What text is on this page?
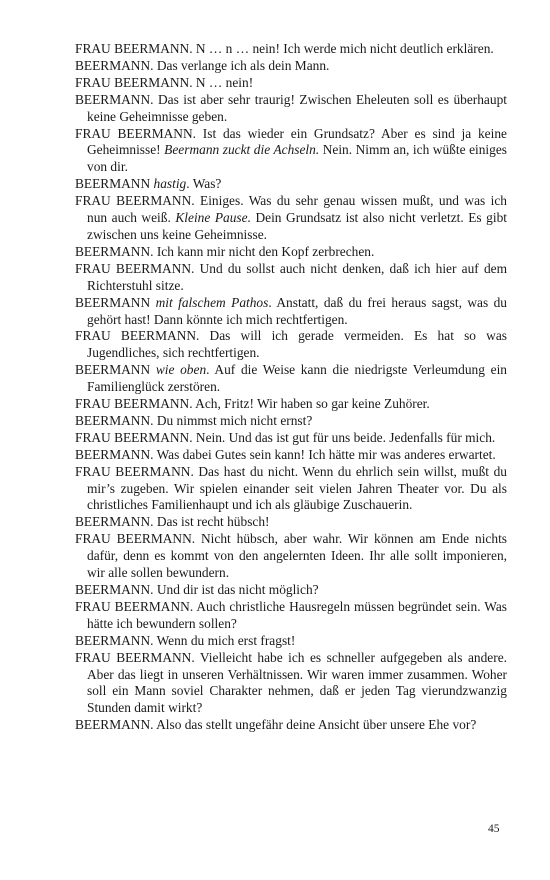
FRAU BEERMANN. N … n … nein! Ich werde mich nicht deutlich erklären.

BEERMANN. Das verlange ich als dein Mann.

FRAU BEERMANN. N … nein!

BEERMANN. Das ist aber sehr traurig! Zwischen Eheleuten soll es überhaupt keine Geheimnisse geben.

FRAU BEERMANN. Ist das wieder ein Grundsatz? Aber es sind ja keine Geheimnisse! Beermann zuckt die Achseln. Nein. Nimm an, ich wüßte einiges von dir.

BEERMANN hastig. Was?

FRAU BEERMANN. Einiges. Was du sehr genau wissen mußt, und was ich nun auch weiß. Kleine Pause. Dein Grundsatz ist also nicht verletzt. Es gibt zwischen uns keine Geheimnisse.

BEERMANN. Ich kann mir nicht den Kopf zerbrechen.

FRAU BEERMANN. Und du sollst auch nicht denken, daß ich hier auf dem Richterstuhl sitze.

BEERMANN mit falschem Pathos. Anstatt, daß du frei heraus sagst, was du gehört hast! Dann könnte ich mich rechtfertigen.

FRAU BEERMANN. Das will ich gerade vermeiden. Es hat so was Jugendliches, sich rechtfertigen.

BEERMANN wie oben. Auf die Weise kann die niedrigste Verleumdung ein Familienglück zerstören.

FRAU BEERMANN. Ach, Fritz! Wir haben so gar keine Zuhörer.

BEERMANN. Du nimmst mich nicht ernst?

FRAU BEERMANN. Nein. Und das ist gut für uns beide. Jedenfalls für mich.

BEERMANN. Was dabei Gutes sein kann! Ich hätte mir was anderes erwartet.

FRAU BEERMANN. Das hast du nicht. Wenn du ehrlich sein willst, mußt du mir’s zugeben. Wir spielen einander seit vielen Jahren Theater vor. Du als christliches Familienhaupt und ich als gläubige Zuschauerin.

BEERMANN. Das ist recht hübsch!

FRAU BEERMANN. Nicht hübsch, aber wahr. Wir können am Ende nichts dafür, denn es kommt von den angelernten Ideen. Ihr alle sollt imponieren, wir alle sollen bewundern.

BEERMANN. Und dir ist das nicht möglich?

FRAU BEERMANN. Auch christliche Hausregeln müssen begründet sein. Was hätte ich bewundern sollen?

BEERMANN. Wenn du mich erst fragst!

FRAU BEERMANN. Vielleicht habe ich es schneller aufgegeben als andere. Aber das liegt in unseren Verhältnissen. Wir waren immer zusammen. Woher soll ein Mann soviel Charakter nehmen, daß er jeden Tag vierundzwanzig Stunden damit wirkt?

BEERMANN. Also das stellt ungefähr deine Ansicht über unsere Ehe vor?

45
